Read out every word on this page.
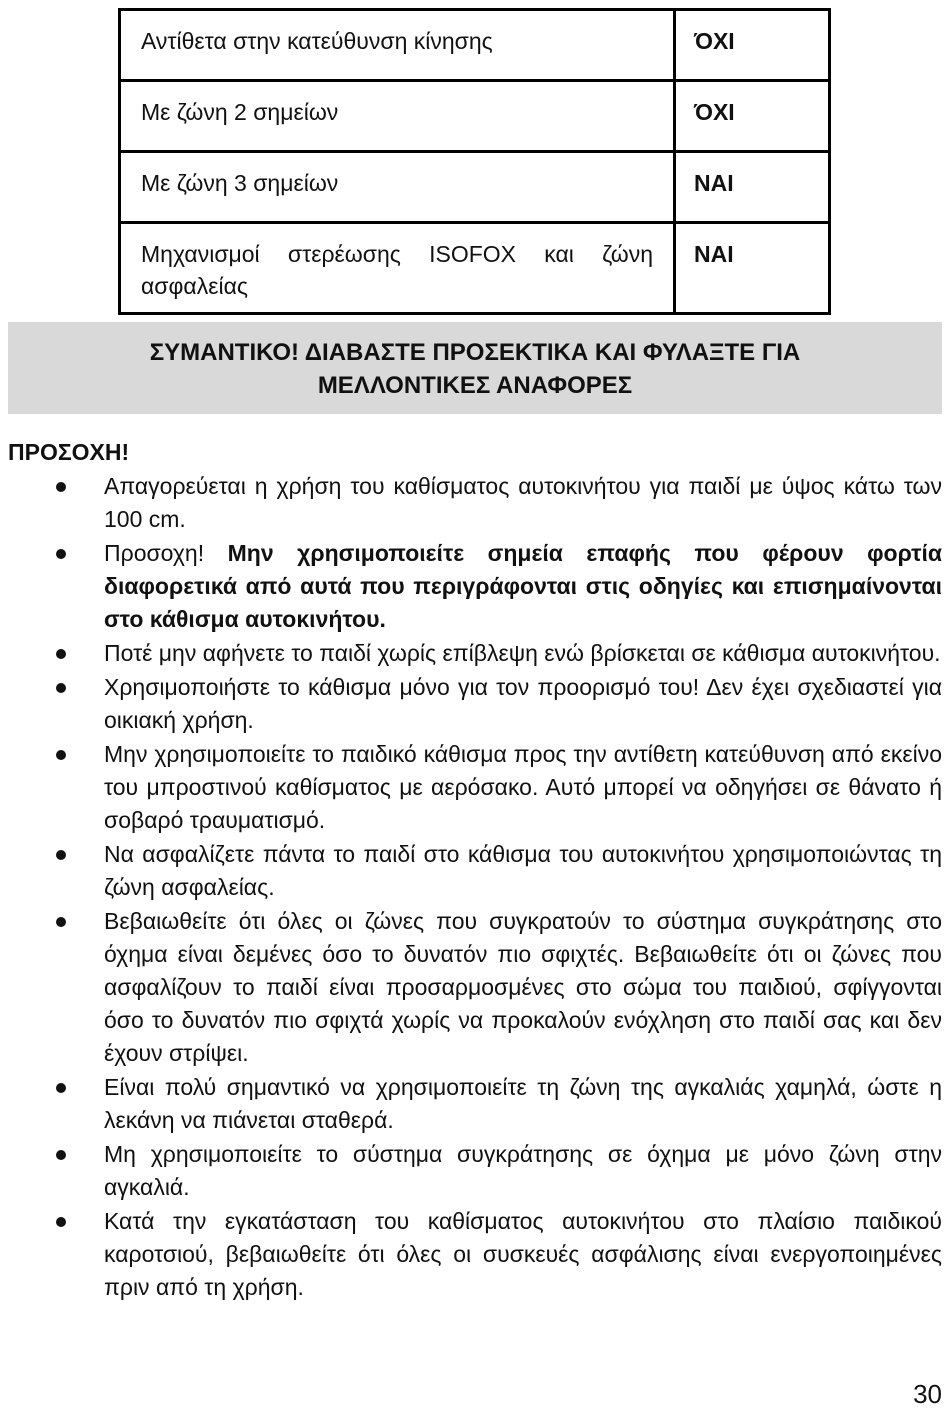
Αντίθετα στην κατεύθυνση κίνησης	ΌΧΙ
Με ζώνη 2 σημείων	ΌΧΙ
Με ζώνη 3 σημείων	ΝΑΙ
Μηχανισμοί στερέωσης ISOFOX και ζώνη ασφαλείας	ΝΑΙ
ΣΥΜΑΝΤΙΚΟ! ΔΙΑΒΑΣΤΕ ΠΡΟΣΕΚΤΙΚΑ ΚΑΙ ΦΥΛΑΞΤΕ ΓΙΑ
ΜΕΛΛΟΝΤΙΚΕΣ ΑΝΑΦΟΡΕΣ
ΠΡΟΣΟΧΗ!
Απαγορεύεται η χρήση του καθίσματος αυτοκινήτου για παιδί με ύψος κάτω των 100 cm.
Προσοχη! Μην χρησιμοποιείτε σημεία επαφής που φέρουν φορτία διαφορετικά από αυτά που περιγράφονται στις οδηγίες και επισημαίνονται στο κάθισμα αυτοκινήτου.
Ποτέ μην αφήνετε το παιδί χωρίς επίβλεψη ενώ βρίσκεται σε κάθισμα αυτοκινήτου.
Χρησιμοποιήστε το κάθισμα μόνο για τον προορισμό του! Δεν έχει σχεδιαστεί για οικιακή χρήση.
Μην χρησιμοποιείτε το παιδικό κάθισμα προς την αντίθετη κατεύθυνση από εκείνο του μπροστινού καθίσματος με αερόσακο. Αυτό μπορεί να οδηγήσει σε θάνατο ή σοβαρό τραυματισμό.
Να ασφαλίζετε πάντα το παιδί στο κάθισμα του αυτοκινήτου χρησιμοποιώντας τη ζώνη ασφαλείας.
Βεβαιωθείτε ότι όλες οι ζώνες που συγκρατούν το σύστημα συγκράτησης στο όχημα είναι δεμένες όσο το δυνατόν πιο σφιχτές. Βεβαιωθείτε ότι οι ζώνες που ασφαλίζουν το παιδί είναι προσαρμοσμένες στο σώμα του παιδιού, σφίγγονται όσο το δυνατόν πιο σφιχτά χωρίς να προκαλούν ενόχληση στο παιδί σας και δεν έχουν στρίψει.
Είναι πολύ σημαντικό να χρησιμοποιείτε τη ζώνη της αγκαλιάς χαμηλά, ώστε η λεκάνη να πιάνεται σταθερά.
Μη χρησιμοποιείτε το σύστημα συγκράτησης σε όχημα με μόνο ζώνη στην αγκαλιά.
Κατά την εγκατάσταση του καθίσματος αυτοκινήτου στο πλαίσιο παιδικού καροτσιού, βεβαιωθείτε ότι όλες οι συσκευές ασφάλισης είναι ενεργοποιημένες πριν από τη χρήση.
30
